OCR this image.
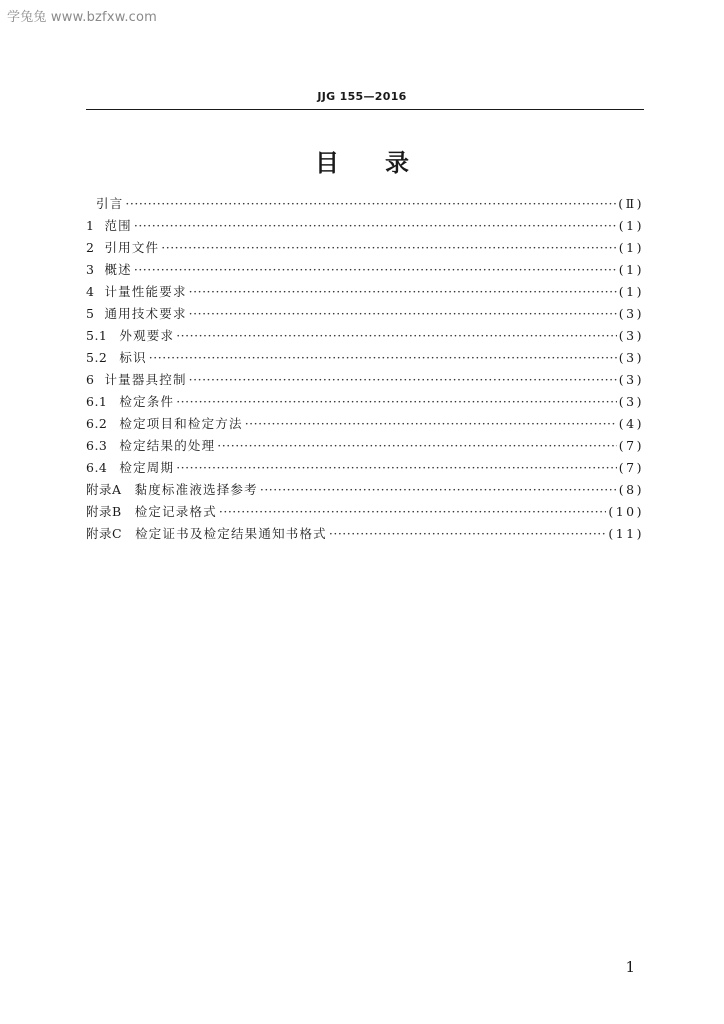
学兔兔 www.bzfxw.com
JJG 155—2016
目 录
引言 ·····	(Ⅱ)
1 范围 ·····	(1)
2 引用文件 ·····	(1)
3 概述 ·····	(1)
4 计量性能要求 ·····	(1)
5 通用技术要求 ·····	(3)
5.1 外观要求 ·····	(3)
5.2 标识 ·····	(3)
6 计量器具控制 ·····	(3)
6.1 检定条件 ·····	(3)
6.2 检定项目和检定方法 ·····	(4)
6.3 检定结果的处理 ·····	(7)
6.4 检定周期 ·····	(7)
附录A 黏度标准液选择参考 ·····	(8)
附录B 检定记录格式 ·····	(10)
附录C 检定证书及检定结果通知书格式 ·····	(11)
1
